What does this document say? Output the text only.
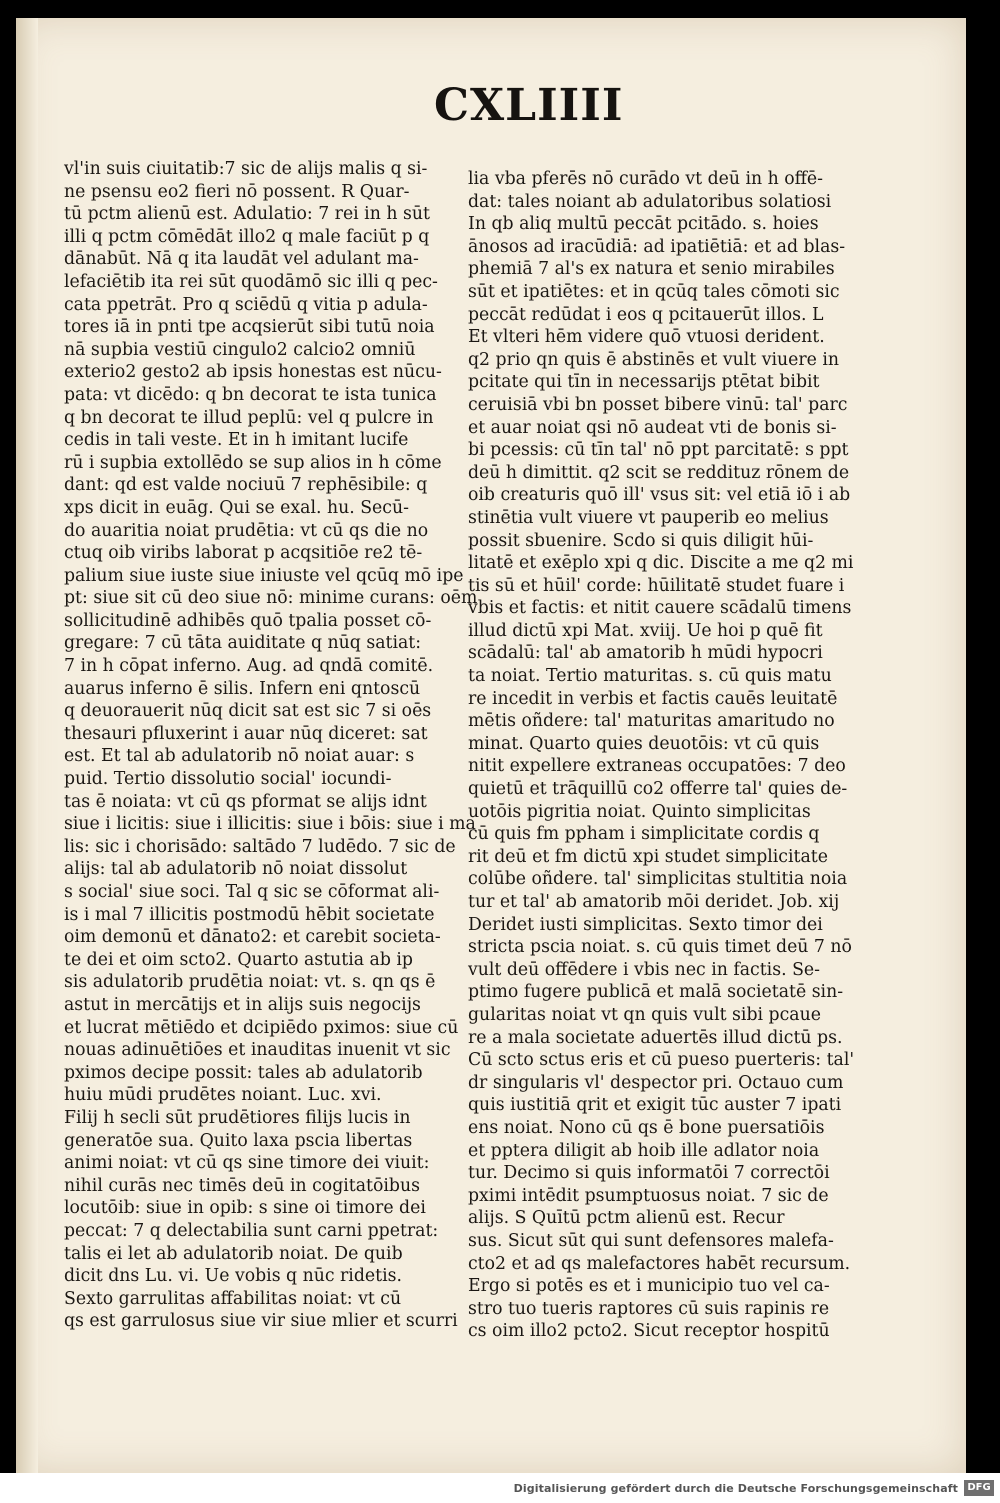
CXLIIII
vl'in suis ciuitatib:7 sic de alijs malis q si-
ne psensu eo2 fieri nō possent. R Quar-
tū pctm alienū est. Adulatio: 7 rei in h sūt
illi q pctm cōmēdāt illo2 q male faciūt p q
dānabūt. Nā q ita laudāt vel adulant ma-
lefaciētib ita rei sūt quodāmō sic illi q pec-
cata ppetrāt. Pro q sciēdū q vitia p adula-
tores iā in pnti tpe acqsierūt sibi tutū noia
nā supbia vestiū cingulo2 calcio2 omniū
exterio2 gesto2 ab ipsis honestas est nūcu-
pata: vt dicēdo: q bn decorat te ista tunica
q bn decorat te illud peplū: vel q pulcre in
cedis in tali veste. Et in h imitant lucife
rū i supbia extollēdo se sup alios in h cōme
dant: qd est valde nociuū 7 rephēsibile: q
xps dicit in euāg. Qui se exal. hu. Secū-
do auaritia noiat prudētia: vt cū qs die no
ctuq oib viribs laborat p acqsitiōe re2 tē-
palium siue iuste siue iniuste vel qcūq mō ipe
pt: siue sit cū deo siue nō: minime curans: oēm
sollicitudinē adhibēs quō tpalia posset cō-
gregare: 7 cū tāta auiditate q nūq satiat:
7 in h cōpat inferno. Aug. ad qndā comitē.
auarus inferno ē silis. Infern eni qntoscū
q deuorauerit nūq dicit sat est sic 7 si oēs
thesauri pfluxerint i auar nūq diceret: sat
est. Et tal ab adulatorib nō noiat auar: s
puid. Tertio dissolutio social' iocundi-
tas ē noiata: vt cū qs pformat se alijs idnt
siue i licitis: siue i illicitis: siue i bōis: siue i ma
lis: sic i chorisādo: saltādo 7 ludēdo. 7 sic de
alijs: tal ab adulatorib nō noiat dissolut
s social' siue soci. Tal q sic se cōformat ali-
is i mal 7 illicitis postmodū hēbit societate
oim demonū et dānato2: et carebit societa-
te dei et oim scto2. Quarto astutia ab ip
sis adulatorib prudētia noiat: vt. s. qn qs ē
astut in mercātijs et in alijs suis negocijs
et lucrat mētiēdo et dcipiēdo pximos: siue cū
nouas adinuētiōes et inauditas inuenit vt sic
pximos decipe possit: tales ab adulatorib
huiu mūdi prudētes noiant. Luc. xvi.
Filij h secli sūt prudētiores filijs lucis in
generatōe sua. Quito laxa pscia libertas
animi noiat: vt cū qs sine timore dei viuit:
nihil curās nec timēs deū in cogitatōibus
locutōib: siue in opib: s sine oi timore dei
peccat: 7 q delectabilia sunt carni ppetrat:
talis ei let ab adulatorib noiat. De quib
dicit dns Lu. vi. Ue vobis q nūc ridetis.
Sexto garrulitas affabilitas noiat: vt cū
qs est garrulosus siue vir siue mlier et scurri
lia vba pferēs nō curādo vt deū in h offē-
dat: tales noiant ab adulatoribus solatiosi
In qb aliq multū peccāt pcitādo. s. hoies
ānosos ad iracūdiā: ad ipatiētiā: et ad blas-
phemiā 7 al's ex natura et senio mirabiles
sūt et ipatiētes: et in qcūq tales cōmoti sic
peccāt redūdat i eos q pcitauerūt illos. L
Et vlteri hēm videre quō vtuosi derident.
q2 prio qn quis ē abstinēs et vult viuere in
pcitate qui tīn in necessarijs ptētat bibit
ceruisiā vbi bn posset bibere vinū: tal' parc
et auar noiat qsi nō audeat vti de bonis si-
bi pcessis: cū tīn tal' nō ppt parcitatē: s ppt
deū h dimittit. q2 scit se reddituz rōnem de
oib creaturis quō ill' vsus sit: vel etiā iō i ab
stinētia vult viuere vt pauperib eo melius
possit sbuenire. Scdo si quis diligit hūi-
litatē et exēplo xpi q dic. Discite a me q2 mi
tis sū et hūil' corde: hūilitatē studet fuare i
vbis et factis: et nitit cauere scādalū timens
illud dictū xpi Mat. xviij. Ue hoi p quē fit
scādalū: tal' ab amatorib h mūdi hypocri
ta noiat. Tertio maturitas. s. cū quis matu
re incedit in verbis et factis cauēs leuitatē
mētis oñdere: tal' maturitas amaritudo no
minat. Quarto quies deuotōis: vt cū quis
nitit expellere extraneas occupatōes: 7 deo
quietū et trāquillū co2 offerre tal' quies de-
uotōis pigritia noiat. Quinto simplicitas
cū quis fm ppham i simplicitate cordis q
rit deū et fm dictū xpi studet simplicitate
colūbe oñdere. tal' simplicitas stultitia noia
tur et tal' ab amatorib mōi deridet. Job. xij
Deridet iusti simplicitas. Sexto timor dei
stricta pscia noiat. s. cū quis timet deū 7 nō
vult deū offēdere i vbis nec in factis. Se-
ptimo fugere publicā et malā societatē sin-
gularitas noiat vt qn quis vult sibi pcaue
re a mala societate aduertēs illud dictū ps.
Cū scto sctus eris et cū pueso puerteris: tal'
dr singularis vl' despector pri. Octauo cum
quis iustitiā qrit et exigit tūc auster 7 ipati
ens noiat. Nono cū qs ē bone puersatiōis
et pptera diligit ab hoib ille adlator noia
tur. Decimo si quis informatōi 7 correctōi
pximi intēdit psumptuosus noiat. 7 sic de
alijs. S Quītū pctm alienū est. Recur
sus. Sicut sūt qui sunt defensores malefa-
cto2 et ad qs malefactores habēt recursum.
Ergo si potēs es et i municipio tuo vel ca-
stro tuo tueris raptores cū suis rapinis re
cs oim illo2 pcto2. Sicut receptor hospitū
Digitalisierung gefördert durch die Deutsche Forschungsgemeinschaft DFG
